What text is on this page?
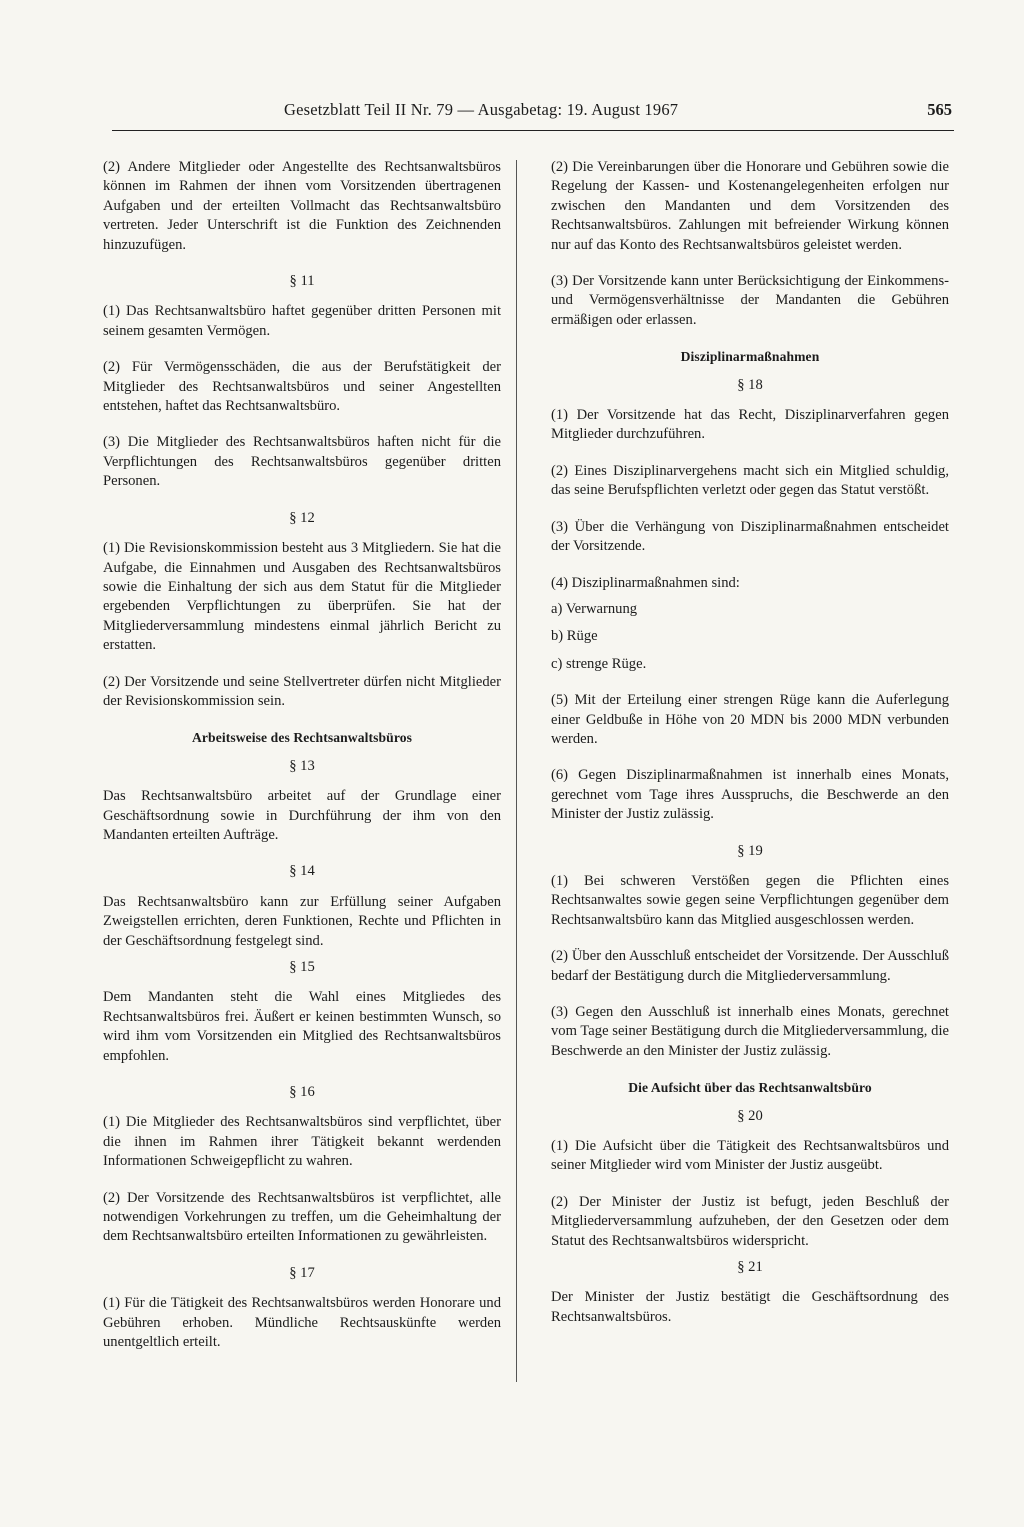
Gesetzblatt Teil II Nr. 79 — Ausgabetag: 19. August 1967	565

(2) Andere Mitglieder oder Angestellte des Rechtsanwaltsbüros können im Rahmen der ihnen vom Vorsitzenden übertragenen Aufgaben und der erteilten Vollmacht das Rechtsanwaltsbüro vertreten. Jeder Unterschrift ist die Funktion des Zeichnenden hinzuzufügen.

§ 11

(1) Das Rechtsanwaltsbüro haftet gegenüber dritten Personen mit seinem gesamten Vermögen.

(2) Für Vermögensschäden, die aus der Berufstätigkeit der Mitglieder des Rechtsanwaltsbüros und seiner Angestellten entstehen, haftet das Rechtsanwaltsbüro.

(3) Die Mitglieder des Rechtsanwaltsbüros haften nicht für die Verpflichtungen des Rechtsanwaltsbüros gegenüber dritten Personen.

§ 12

(1) Die Revisionskommission besteht aus 3 Mitgliedern. Sie hat die Aufgabe, die Einnahmen und Ausgaben des Rechtsanwaltsbüros sowie die Einhaltung der sich aus dem Statut für die Mitglieder ergebenden Verpflichtungen zu überprüfen. Sie hat der Mitgliederversammlung mindestens einmal jährlich Bericht zu erstatten.

(2) Der Vorsitzende und seine Stellvertreter dürfen nicht Mitglieder der Revisionskommission sein.

Arbeitsweise des Rechtsanwaltsbüros
§ 13

Das Rechtsanwaltsbüro arbeitet auf der Grundlage einer Geschäftsordnung sowie in Durchführung der ihm von den Mandanten erteilten Aufträge.

§ 14

Das Rechtsanwaltsbüro kann zur Erfüllung seiner Aufgaben Zweigstellen errichten, deren Funktionen, Rechte und Pflichten in der Geschäftsordnung festgelegt sind.

§ 15

Dem Mandanten steht die Wahl eines Mitgliedes des Rechtsanwaltsbüros frei. Äußert er keinen bestimmten Wunsch, so wird ihm vom Vorsitzenden ein Mitglied des Rechtsanwaltsbüros empfohlen.

§ 16

(1) Die Mitglieder des Rechtsanwaltsbüros sind verpflichtet, über die ihnen im Rahmen ihrer Tätigkeit bekannt werdenden Informationen Schweigepflicht zu wahren.

(2) Der Vorsitzende des Rechtsanwaltsbüros ist verpflichtet, alle notwendigen Vorkehrungen zu treffen, um die Geheimhaltung der dem Rechtsanwaltsbüro erteilten Informationen zu gewährleisten.

§ 17

(1) Für die Tätigkeit des Rechtsanwaltsbüros werden Honorare und Gebühren erhoben. Mündliche Rechtsauskünfte werden unentgeltlich erteilt.

(2) Die Vereinbarungen über die Honorare und Gebühren sowie die Regelung der Kassen- und Kostenangelegenheiten erfolgen nur zwischen den Mandanten und dem Vorsitzenden des Rechtsanwaltsbüros. Zahlungen mit befreiender Wirkung können nur auf das Konto des Rechtsanwaltsbüros geleistet werden.

(3) Der Vorsitzende kann unter Berücksichtigung der Einkommens- und Vermögensverhältnisse der Mandanten die Gebühren ermäßigen oder erlassen.

Disziplinarmaßnahmen
§ 18

(1) Der Vorsitzende hat das Recht, Disziplinarverfahren gegen Mitglieder durchzuführen.

(2) Eines Disziplinarvergehens macht sich ein Mitglied schuldig, das seine Berufspflichten verletzt oder gegen das Statut verstößt.

(3) Über die Verhängung von Disziplinarmaßnahmen entscheidet der Vorsitzende.

(4) Disziplinarmaßnahmen sind:

a) Verwarnung
b) Rüge
c) strenge Rüge.

(5) Mit der Erteilung einer strengen Rüge kann die Auferlegung einer Geldbuße in Höhe von 20 MDN bis 2000 MDN verbunden werden.

(6) Gegen Disziplinarmaßnahmen ist innerhalb eines Monats, gerechnet vom Tage ihres Ausspruchs, die Beschwerde an den Minister der Justiz zulässig.

§ 19

(1) Bei schweren Verstößen gegen die Pflichten eines Rechtsanwaltes sowie gegen seine Verpflichtungen gegenüber dem Rechtsanwaltsbüro kann das Mitglied ausgeschlossen werden.

(2) Über den Ausschluß entscheidet der Vorsitzende. Der Ausschluß bedarf der Bestätigung durch die Mitgliederversammlung.

(3) Gegen den Ausschluß ist innerhalb eines Monats, gerechnet vom Tage seiner Bestätigung durch die Mitgliederversammlung, die Beschwerde an den Minister der Justiz zulässig.

Die Aufsicht über das Rechtsanwaltsbüro
§ 20

(1) Die Aufsicht über die Tätigkeit des Rechtsanwaltsbüros und seiner Mitglieder wird vom Minister der Justiz ausgeübt.

(2) Der Minister der Justiz ist befugt, jeden Beschluß der Mitgliederversammlung aufzuheben, der den Gesetzen oder dem Statut des Rechtsanwaltsbüros widerspricht.

§ 21

Der Minister der Justiz bestätigt die Geschäftsordnung des Rechtsanwaltsbüros.
